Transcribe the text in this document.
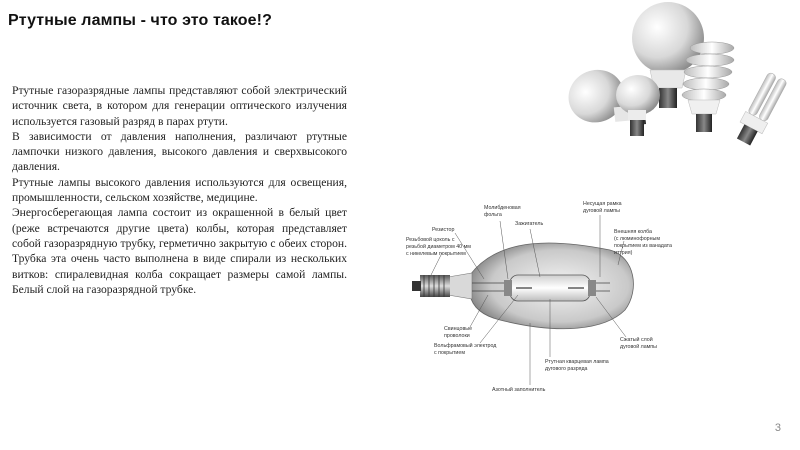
Ртутные лампы - что это такое!?

Ртутные газоразрядные лампы представляют собой электрический источник света, в котором для генерации оптического излучения используется газовый разряд в парах ртути.

В зависимости от давления наполнения, различают ртутные лампочки низкого давления, высокого давления и сверхвысокого давления.

Ртутные лампы высокого давления используются для освещения, промышленности, сельском хозяйстве, медицине.

Энергосберегающая лампа состоит из окрашенной в белый цвет (реже встречаются другие цвета) колбы, которая представляет собой газоразрядную трубку, герметично закрытую с обеих сторон. Трубка эта очень часто выполнена в виде спирали из нескольких витков: спиралевидная колба сокращает размеры самой лампы. Белый слой на газоразрядной трубке.

Молибденовая
фольга
Зажигатель
Несущая рамка
дуговой лампы
Резистор
Резьбовой цоколь с
резьбой диаметром 40 мм
с никелевым покрытием
Внешняя колба
(с люминофорным
покрытием из ванадата
иттрия)
Свинцовые
проволоки
Вольфрамовый электрод
с покрытием
Ртутная кварцевая лампа
дугового разряда
Сжатый слой
дуговой лампы
Азотный заполнитель
3
